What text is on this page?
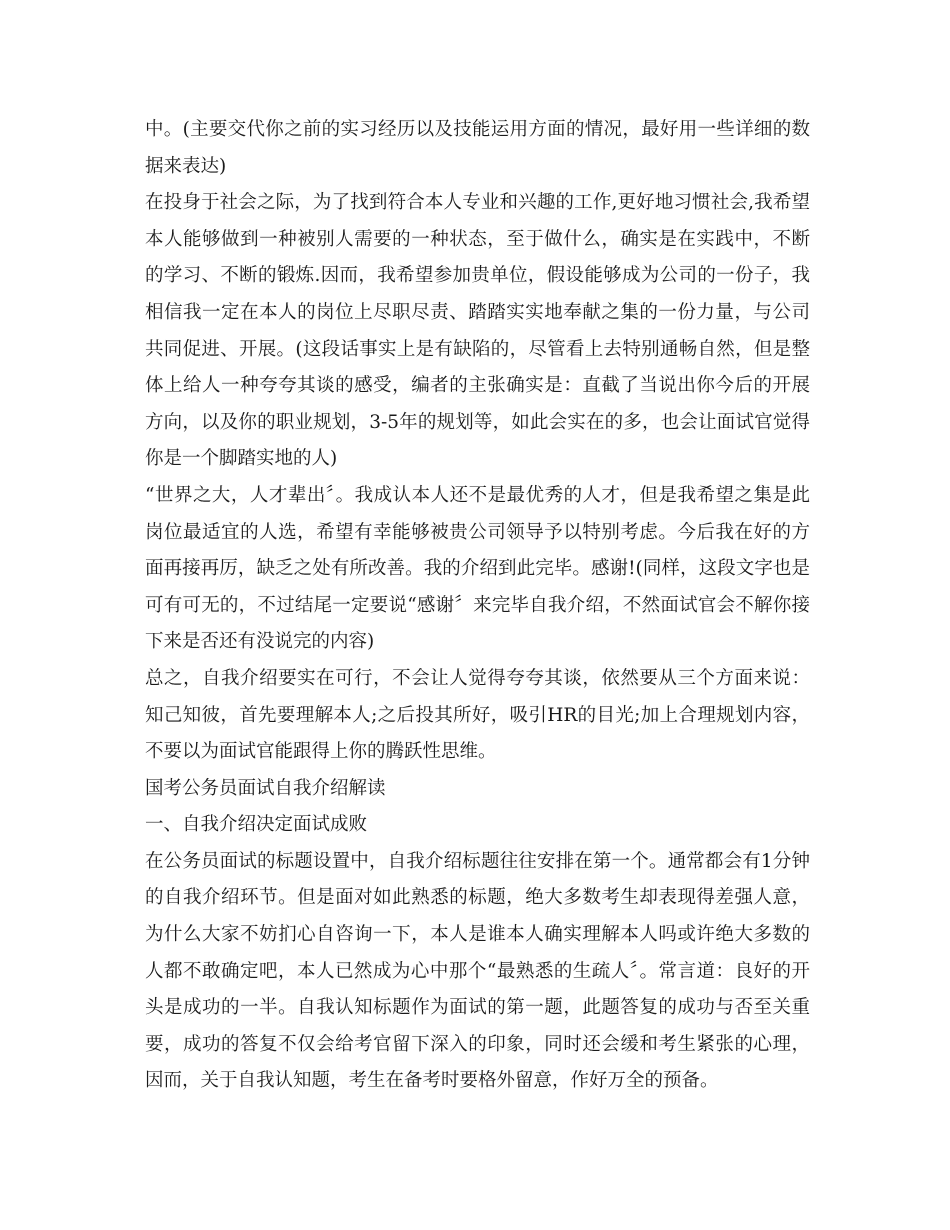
中。(主要交代你之前的实习经历以及技能运用方面的情况，最好用一些详细的数据来表达)

在投身于社会之际，为了找到符合本人专业和兴趣的工作,更好地习惯社会,我希望本人能够做到一种被别人需要的一种状态，至于做什么，确实是在实践中，不断的学习、不断的锻炼.因而，我希望参加贵单位，假设能够成为公司的一份子，我相信我一定在本人的岗位上尽职尽责、踏踏实实地奉献之集的一份力量，与公司共同促进、开展。(这段话事实上是有缺陷的，尽管看上去特别通畅自然，但是整体上给人一种夸夸其谈的感受，编者的主张确实是：直截了当说出你今后的开展方向，以及你的职业规划，3-5年的规划等，如此会实在的多，也会让面试官觉得你是一个脚踏实地的人)

“世界之大，人才辈出〞。我成认本人还不是最优秀的人才，但是我希望之集是此岗位最适宜的人选，希望有幸能够被贵公司领导予以特别考虑。今后我在好的方面再接再厉，缺乏之处有所改善。我的介绍到此完毕。感谢!(同样，这段文字也是可有可无的，不过结尾一定要说“感谢〞来完毕自我介绍，不然面试官会不解你接下来是否还有没说完的内容)

总之，自我介绍要实在可行，不会让人觉得夸夸其谈，依然要从三个方面来说：知己知彼，首先要理解本人;之后投其所好，吸引HR的目光;加上合理规划内容，不要以为面试官能跟得上你的腾跃性思维。

国考公务员面试自我介绍解读

一、自我介绍决定面试成败

在公务员面试的标题设置中，自我介绍标题往往安排在第一个。通常都会有1分钟的自我介绍环节。但是面对如此熟悉的标题，绝大多数考生却表现得差强人意，为什么大家不妨扪心自咨询一下，本人是谁本人确实理解本人吗或许绝大多数的人都不敢确定吧，本人已然成为心中那个“最熟悉的生疏人〞。常言道：良好的开头是成功的一半。自我认知标题作为面试的第一题，此题答复的成功与否至关重要，成功的答复不仅会给考官留下深入的印象，同时还会缓和考生紧张的心理，因而，关于自我认知题，考生在备考时要格外留意，作好万全的预备。
